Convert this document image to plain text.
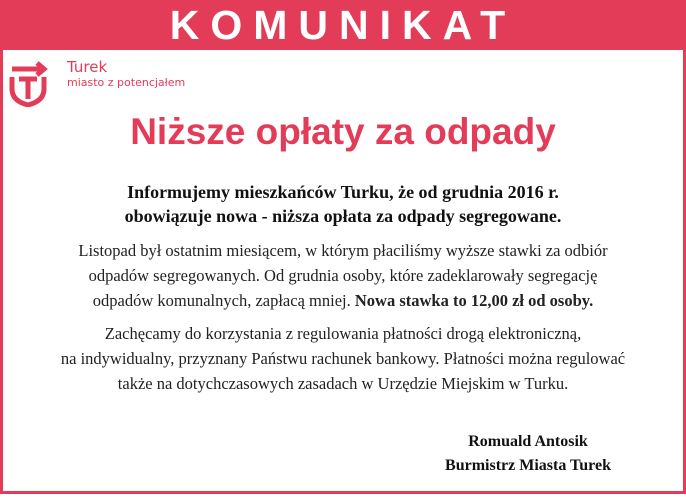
KOMUNIKAT
Turek
miasto z potencjałem
Niższe opłaty za odpady
Informujemy mieszkańców Turku, że od grudnia 2016 r.
obowiązuje nowa - niższa opłata za odpady segregowane.
Listopad był ostatnim miesiącem, w którym płaciliśmy wyższe stawki za odbiór
odpadów segregowanych. Od grudnia osoby, które zadeklarowały segregację
odpadów komunalnych, zapłacą mniej. Nowa stawka to 12,00 zł od osoby.
Zachęcamy do korzystania z regulowania płatności drogą elektroniczną,
na indywidualny, przyznany Państwu rachunek bankowy. Płatności można regulować
także na dotychczasowych zasadach w Urzędzie Miejskim w Turku.
Romuald Antosik
Burmistrz Miasta Turek
